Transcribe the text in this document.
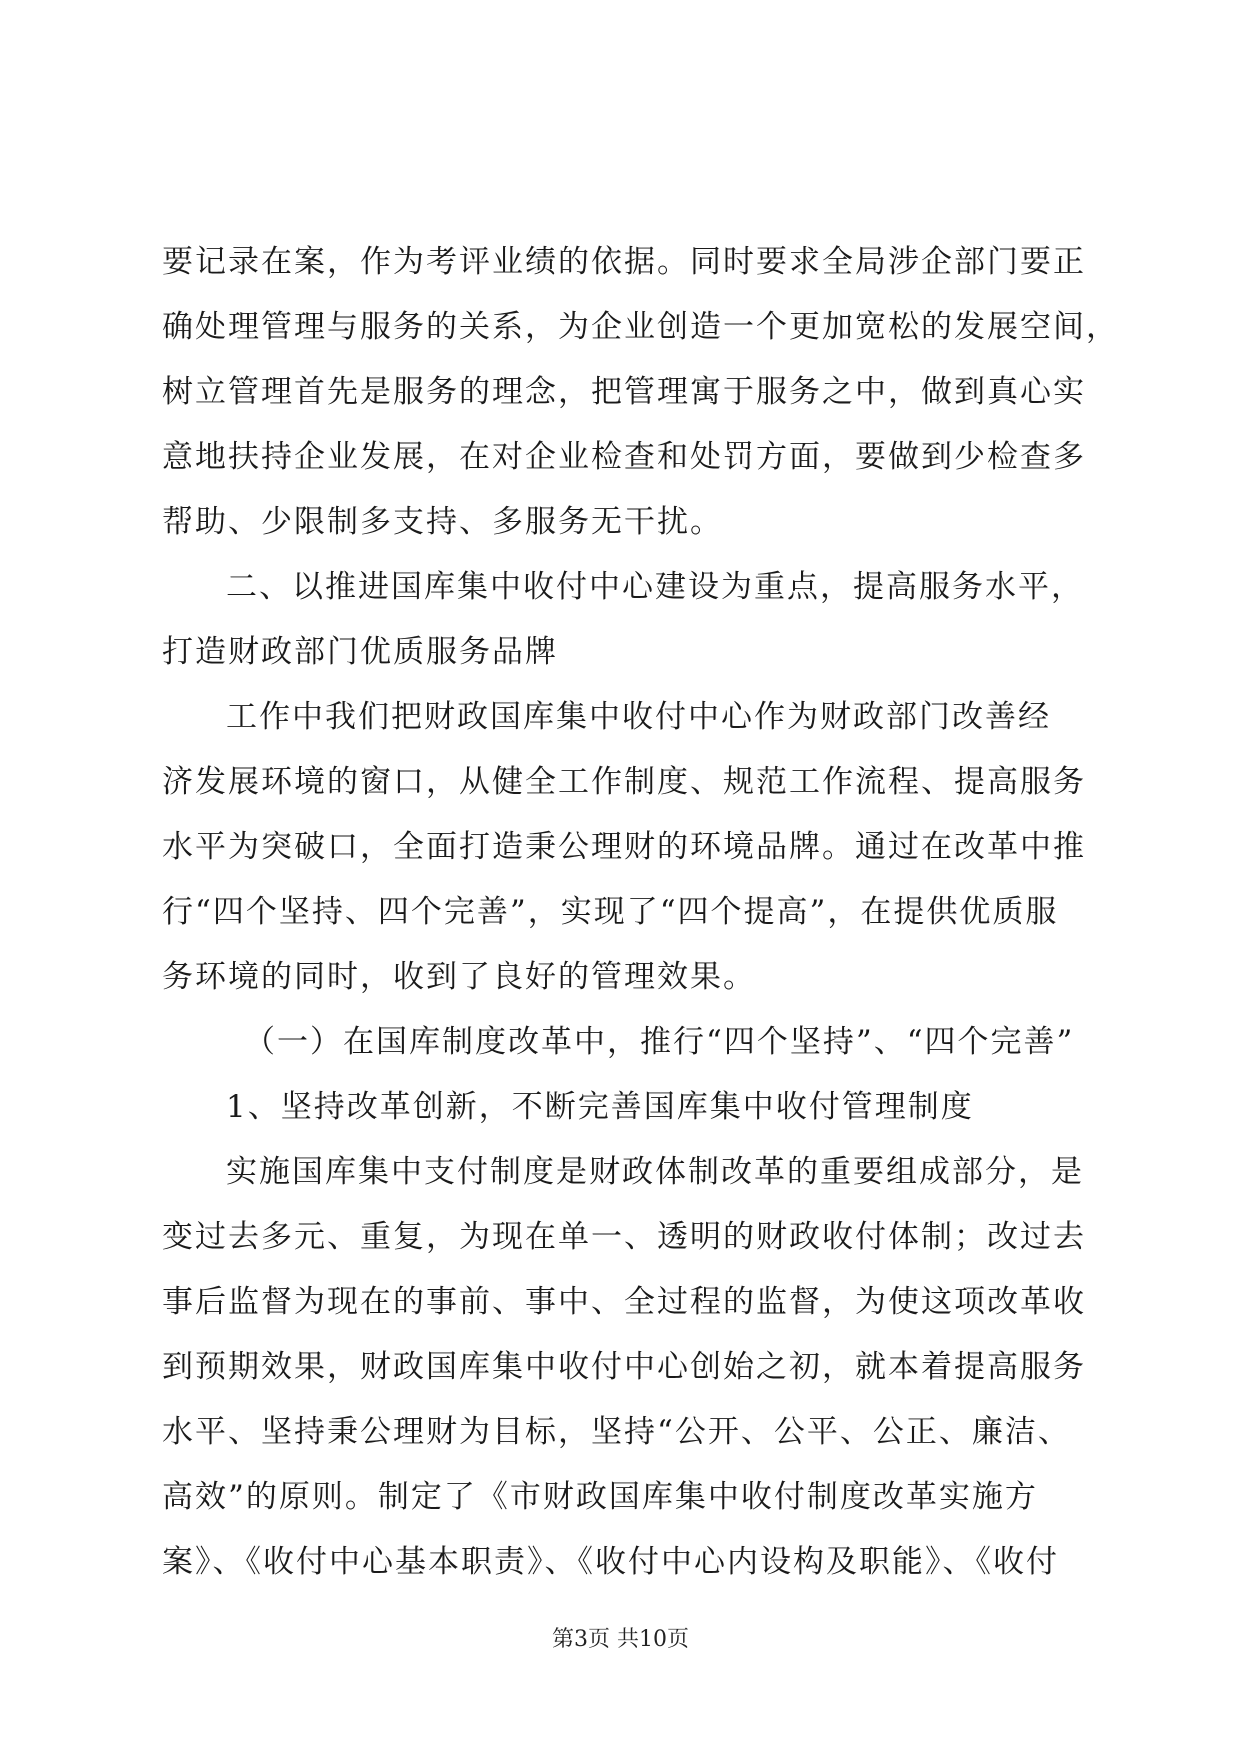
要记录在案，作为考评业绩的依据。同时要求全局涉企部门要正
确处理管理与服务的关系，为企业创造一个更加宽松的发展空间，
树立管理首先是服务的理念，把管理寓于服务之中，做到真心实
意地扶持企业发展，在对企业检查和处罚方面，要做到少检查多
帮助、少限制多支持、多服务无干扰。
二、以推进国库集中收付中心建设为重点，提高服务水平，
打造财政部门优质服务品牌
工作中我们把财政国库集中收付中心作为财政部门改善经
济发展环境的窗口，从健全工作制度、规范工作流程、提高服务
水平为突破口，全面打造秉公理财的环境品牌。通过在改革中推
行“四个坚持、四个完善”，实现了“四个提高”，在提供优质服
务环境的同时，收到了良好的管理效果。
（一）在国库制度改革中，推行“四个坚持”、“四个完善”
1、坚持改革创新，不断完善国库集中收付管理制度
实施国库集中支付制度是财政体制改革的重要组成部分，是
变过去多元、重复，为现在单一、透明的财政收付体制；改过去
事后监督为现在的事前、事中、全过程的监督，为使这项改革收
到预期效果，财政国库集中收付中心创始之初，就本着提高服务
水平、坚持秉公理财为目标，坚持“公开、公平、公正、廉洁、
高效”的原则。制定了《市财政国库集中收付制度改革实施方
案》、《收付中心基本职责》、《收付中心内设构及职能》、《收付
第3页 共10页
